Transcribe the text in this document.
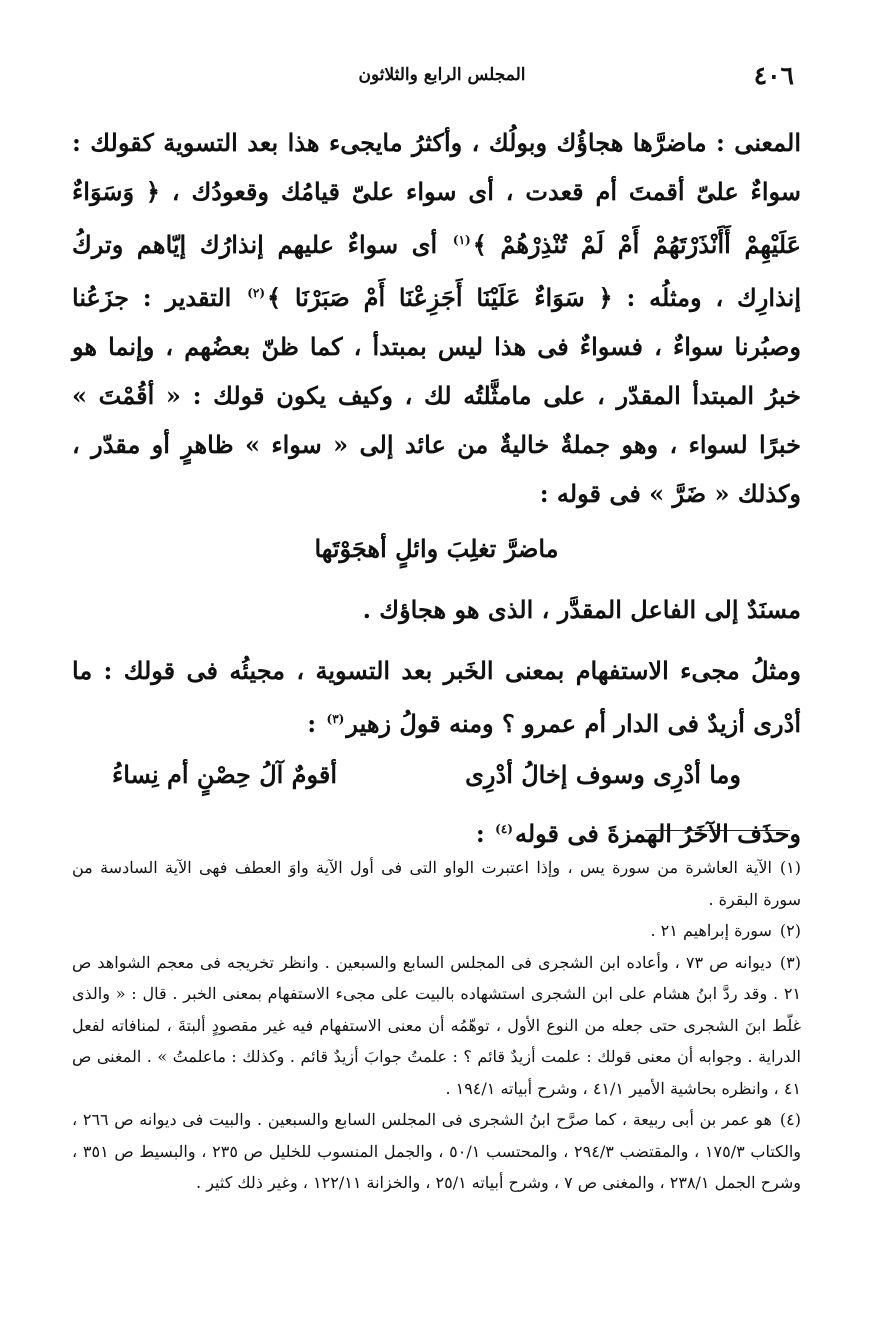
٤٠٦
المجلس الرابع والثلاثون

المعنى : ماضرَّها هجاؤُك وبولُك ، وأكثرُ مايجىء هذا بعد التسوية كقولك : سواءٌ علىّ أقمتَ أم قعدت ، أى سواء علىّ قيامُك وقعودُك ، ﴿ وَسَوَاءٌ عَلَيْهِمْ أَأَنْذَرْتَهُمْ أَمْ لَمْ تُنْذِرْهُمْ ﴾$^{(١)}$ أى سواءٌ عليهم إنذارُك إيّاهم وتركُ إنذارِك ، ومثلُه : ﴿ سَوَاءٌ عَلَيْنَا أَجَزِعْنَا أَمْ صَبَرْنَا ﴾$^{(٢)}$ التقدير : جزَعُنا وصبُرنا سواءٌ ، فسواءٌ فى هذا ليس بمبتدأ ، كما ظنّ بعضُهم ، وإنما هو خبرُ المبتدأ المقدّر ، على مامثَّلتُه لك ، وكيف يكون قولك : « أقُمْتَ » خبرًا لسواء ، وهو جملةٌ خاليةٌ من عائد إلى « سواء » ظاهرٍ أو مقدّر ، وكذلك « ضَرَّ » فى قوله :

ماضرَّ تغلِبَ وائلٍ أهجَوْتَها

مسنَدٌ إلى الفاعل المقدَّر ، الذى هو هجاؤك .

ومثلُ مجىء الاستفهام بمعنى الخَبر بعد التسوية ، مجيئُه فى قولك : ما أدْرى أزيدٌ فى الدار أم عمرو ؟ ومنه قولُ زهير$^{(٣)}$ :

وما أدْرِى وسوف إخالُ أدْرِى
أقومٌ آلُ حِصْنٍ أم نِساءُ

وحذَف الآخَرُ الهمزةَ فى قوله$^{(٤)}$ :

(١)الآية العاشرة من سورة يس ، وإذا اعتبرت الواو التى فى أول الآية واوَ العطف فهى الآية السادسة من سورة البقرة .

(٢)سورة إبراهيم ٢١ .

(٣)ديوانه ص ٧٣ ، وأعاده ابن الشجرى فى المجلس السابع والسبعين . وانظر تخريجه فى معجم الشواهد ص ٢١ . وقد ردَّ ابنُ هشام على ابن الشجرى استشهاده بالبيت على مجىء الاستفهام بمعنى الخبر . قال : « والذى غلّط ابنَ الشجرى حتى جعله من النوع الأول ، توهّمُه أن معنى الاستفهام فيه غير مقصودٍ ألبتةَ ، لمنافاته لفعل الدراية . وجوابه أن معنى قولك : علمت أزيدٌ قائم ؟ : علمتُ جوابَ أزيدٌ قائم . وكذلك : ماعلمتُ » . المغنى ص ٤١ ، وانظره بحاشية الأمير ٤١/١ ، وشرح أبياته ١٩٤/١ .

(٤)هو عمر بن أبى ربيعة ، كما صرَّح ابنُ الشجرى فى المجلس السابع والسبعين . والبيت فى ديوانه ص ٢٦٦ ، والكتاب ١٧٥/٣ ، والمقتضب ٢٩٤/٣ ، والمحتسب ٥٠/١ ، والجمل المنسوب للخليل ص ٢٣٥ ، والبسيط ص ٣٥١ ، وشرح الجمل ٢٣٨/١ ، والمغنى ص ٧ ، وشرح أبياته ٢٥/١ ، والخزانة ١٢٢/١١ ، وغير ذلك كثير .
